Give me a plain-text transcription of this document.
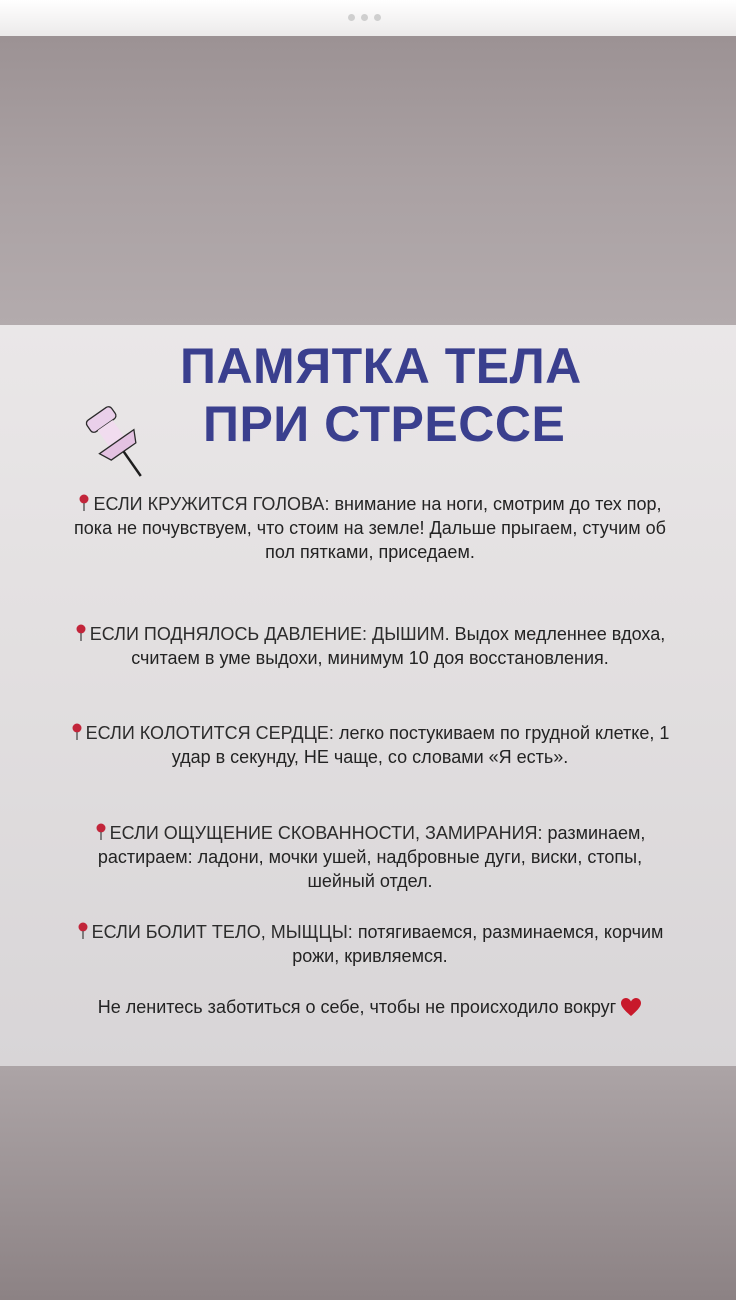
ПАМЯТКА ТЕЛА
ПРИ СТРЕССЕ
ЕСЛИ КРУЖИТСЯ ГОЛОВА: внимание на ноги, смотрим до тех пор, пока не почувствуем, что стоим на земле! Дальше прыгаем, стучим об пол пятками, приседаем.
ЕСЛИ ПОДНЯЛОСЬ ДАВЛЕНИЕ: ДЫШИМ. Выдох медленнее вдоха, считаем в уме выдохи, минимум 10 доя восстановления.
ЕСЛИ КОЛОТИТСЯ СЕРДЦЕ: легко постукиваем по грудной клетке, 1 удар в секунду, НЕ чаще, со словами «Я есть».
ЕСЛИ ОЩУЩЕНИЕ СКОВАННОСТИ, ЗАМИРАНИЯ: разминаем, растираем: ладони, мочки ушей, надбровные дуги, виски, стопы, шейный отдел.
ЕСЛИ БОЛИТ ТЕЛО, МЫЩЦЫ: потягиваемся, разминаемся, корчим рожи, кривляемся.
Не ленитесь заботиться о себе, чтобы не происходило вокруг
